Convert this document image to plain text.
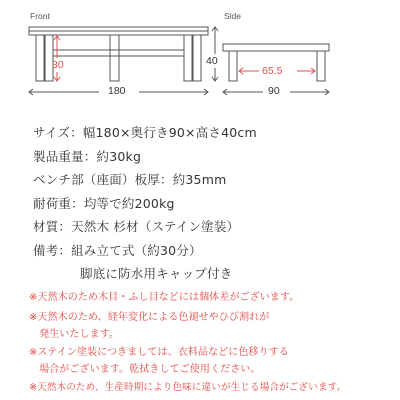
Front	Side
30
180
40
65.5
90
サイズ：幅180×奥行き90×高さ40cm
製品重量：約30kg
ベンチ部（座面）板厚：約35mm
耐荷重：均等で約200kg
材質：天然木 杉材（ステイン塗装）
備考：組み立て式（約30分）
脚底に防水用キャップ付き
※天然木のため木目・ふし目などには個体差がございます。
※天然木のため、経年変化による色褪せやひび割れが
　発生いたします。
※ステイン塗装につきましては、衣料品などに色移りする
　場合がございます。乾拭きしてご使用ください。
※天然木のため、生産時期により色味に違いが生じる場合がございます。
